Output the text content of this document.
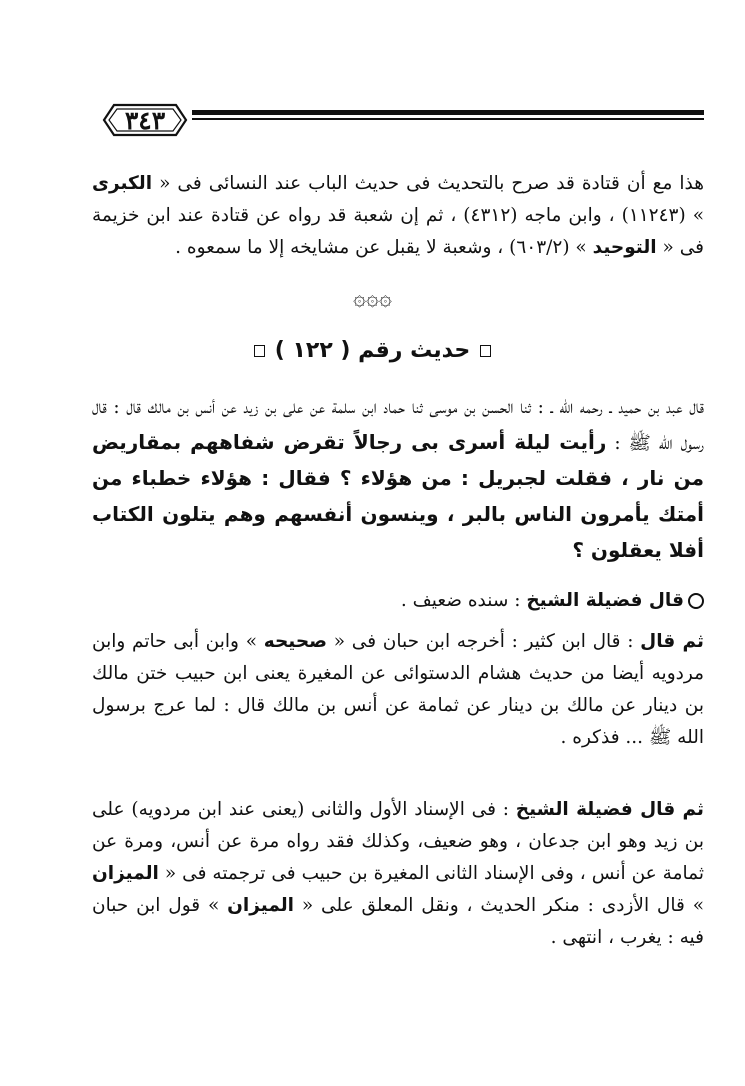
٣٤٣

هذا مع أن قتادة قد صرح بالتحديث فى حديث الباب عند النسائى فى « الكبرى » (١١٢٤٣) ، وابن ماجه (٤٣١٢) ، ثم إن شعبة قد رواه عن قتادة عند ابن خزيمة فى « التوحيد » (٦٠٣/٢) ، وشعبة لا يقبل عن مشايخه إلا ما سمعوه .

۞۞۞
حديث رقم ( ١٢٢ )

قال عبد بن حميد ـ رحمه الله ـ : ثنا الحسن بن موسى ثنا حماد ابن سلمة عن على بن زيد عن أنس بن مالك قال : قال رسول الله ﷺ : رأيت ليلة أسرى بى رجالاً تقرض شفاههم بمقاريض من نار ، فقلت لجبريل : من هؤلاء ؟ فقال : هؤلاء خطباء من أمتك يأمرون الناس بالبر ، وينسون أنفسهم وهم يتلون الكتاب أفلا يعقلون ؟

قال فضيلة الشيخ : سنده ضعيف .

ثم قال : قال ابن كثير : أخرجه ابن حبان فى « صحيحه » وابن أبى حاتم وابن مردويه أيضا من حديث هشام الدستوائى عن المغيرة يعنى ابن حبيب ختن مالك بن دينار عن مالك بن دينار عن ثمامة عن أنس بن مالك قال : لما عرج برسول الله ﷺ ... فذكره .

ثم قال فضيلة الشيخ : فى الإسناد الأول والثانى (يعنى عند ابن مردويه) على بن زيد وهو ابن جدعان ، وهو ضعيف، وكذلك فقد رواه مرة عن أنس، ومرة عن ثمامة عن أنس ، وفى الإسناد الثانى المغيرة بن حبيب فى ترجمته فى « الميزان » قال الأزدى : منكر الحديث ، ونقل المعلق على « الميزان » قول ابن حبان فيه : يغرب ، انتهى .
